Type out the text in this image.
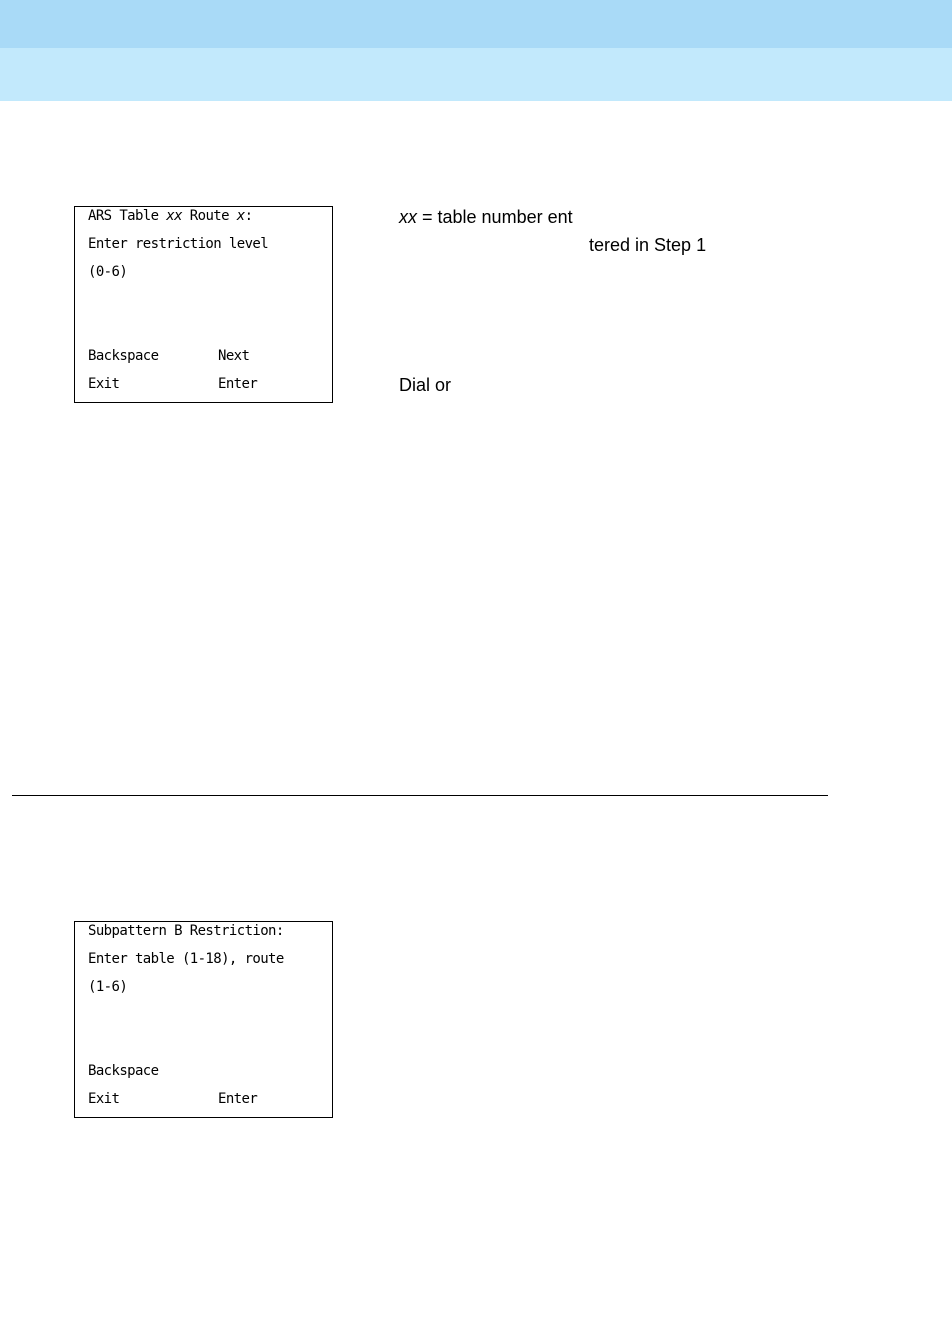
ARS Table xx Route x:
Enter restriction level
(0-6)
Backspace	Next
Exit	Enter
xx = table number ent
tered in Step 1
Dial or
Subpattern B Restriction:
Enter table (1-18), route
(1-6)
Backspace
Exit	Enter
